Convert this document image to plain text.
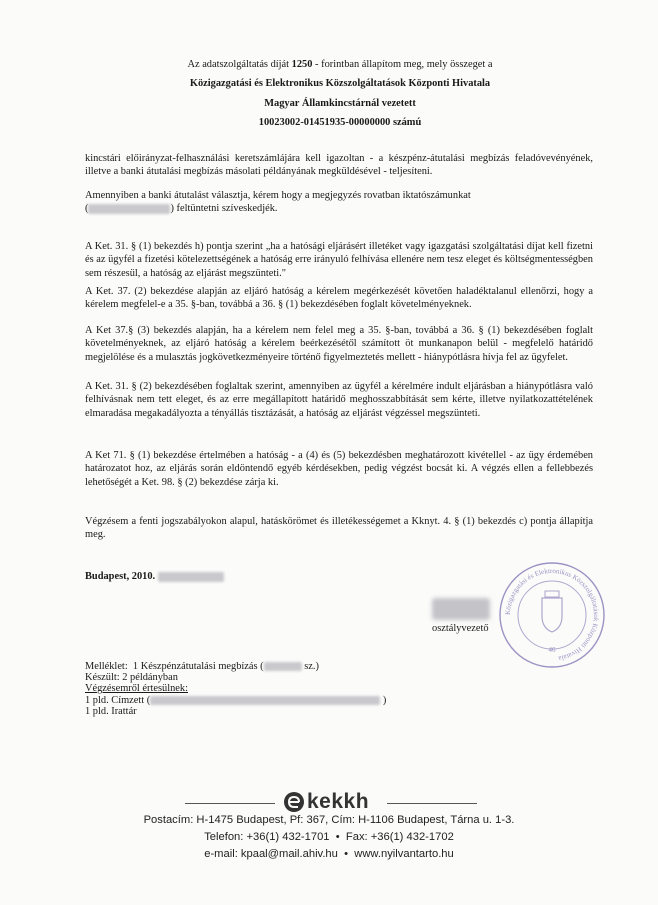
Az adatszolgáltatás díját 1250 - forintban állapítom meg, mely összeget a
Közigazgatási és Elektronikus Közszolgáltatások Központi Hivatala
Magyar Államkincstárnál vezetett
10023002-01451935-00000000 számú
kincstári előirányzat-felhasználási keretszámlájára kell igazoltan - a készpénz-átutalási megbízás feladóvevényének, illetve a banki átutalási megbízás másolati példányának megküldésével - teljesíteni.
Amennyiben a banki átutalást választja, kérem hogy a megjegyzés rovatban iktatószámunkat
(	) feltüntetni szíveskedjék.
A Ket. 31. § (1) bekezdés h) pontja szerint „ha a hatósági eljárásért illetéket vagy igazgatási szolgáltatási díjat kell fizetni és az ügyfél a fizetési kötelezettségének a hatóság erre irányuló felhívása ellenére nem tesz eleget és költségmentességben sem részesül, a hatóság az eljárást megszünteti."
A Ket. 37. (2) bekezdése alapján az eljáró hatóság a kérelem megérkezését követően haladéktalanul ellenőrzi, hogy a kérelem megfelel-e a 35. §-ban, továbbá a 36. § (1) bekezdésében foglalt követelményeknek.
A Ket 37.§ (3) bekezdés alapján, ha a kérelem nem felel meg a 35. §-ban, továbbá a 36. § (1) bekezdésében foglalt követelményeknek, az eljáró hatóság a kérelem beérkezésétől számított öt munkanapon belül - megfelelő határidő megjelölése és a mulasztás jogkövetkezményeire történő figyelmeztetés mellett - hiánypótlásra hívja fel az ügyfelet.
A Ket. 31. § (2) bekezdésében foglaltak szerint, amennyiben az ügyfél a kérelmére indult eljárásban a hiánypótlásra való felhívásnak nem tett eleget, és az erre megállapított határidő meghosszabbítását sem kérte, illetve nyilatkozattételének elmaradása megakadályozta a tényállás tisztázását, a hatóság az eljárást végzéssel megszünteti.
A Ket 71. § (1) bekezdése értelmében a hatóság - a (4) és (5) bekezdésben meghatározott kivétellel - az ügy érdemében határozatot hoz, az eljárás során eldöntendő egyéb kérdésekben, pedig végzést bocsát ki. A végzés ellen a fellebbezés lehetőségét a Ket. 98. § (2) bekezdése zárja ki.
Végzésem a fenti jogszabályokon alapul, hatáskörömet és illetékességemet a Kknyt. 4. § (1) bekezdés c) pontja állapítja meg.
Budapest, 2010.
osztályvezető
Közigazgatási és Elektronikus Közszolgáltatások Központi Hivatala
46
Melléklet: 1 Készpénzátutalási megbízás (	sz.)
Készült: 2 példányban
Végzésemről értesülnek:
1 pld. Címzett (	)
1 pld. Irattár
kekkh
Postacím: H-1475 Budapest, Pf: 367, Cím: H-1106 Budapest, Tárna u. 1-3.
Telefon: +36(1) 432-1701  •  Fax: +36(1) 432-1702
e-mail: kpaal@mail.ahiv.hu  •  www.nyilvantarto.hu
